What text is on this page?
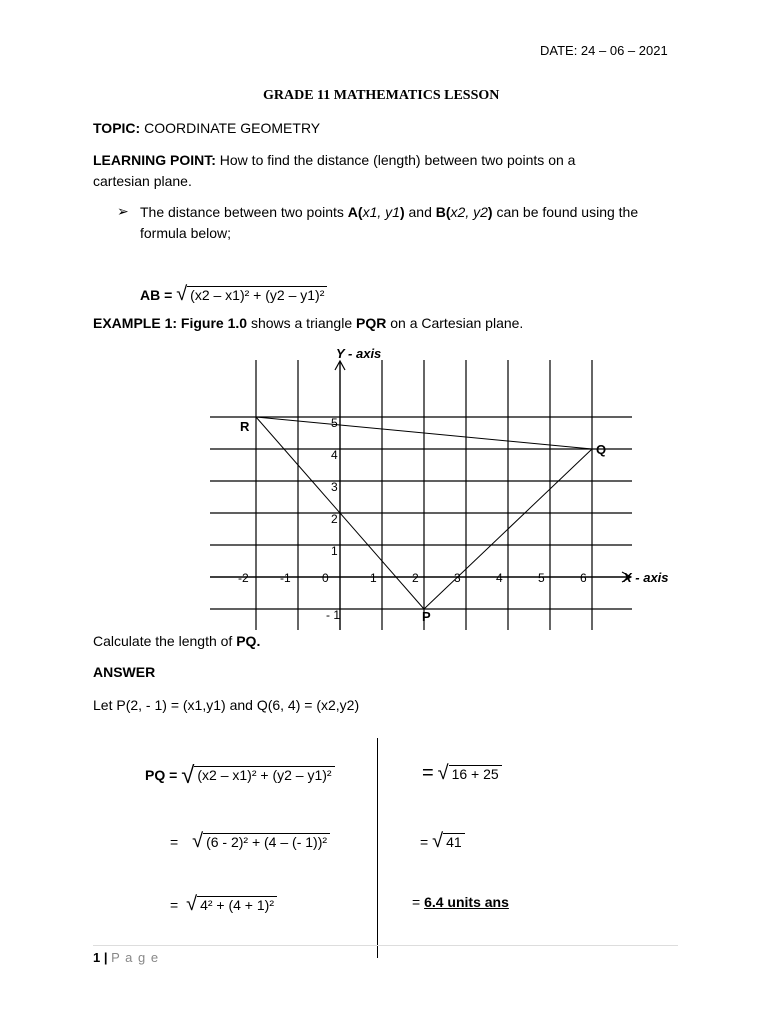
DATE: 24 – 06 – 2021
GRADE 11 MATHEMATICS LESSON
TOPIC: COORDINATE GEOMETRY
LEARNING POINT: How to find the distance (length) between two points on a
cartesian plane.
➢ The distance between two points A(x1, y1) and B(x2, y2) can be found using the
formula below;
AB = √ (x2 – x1)² + (y2 – y1)²
EXAMPLE 1: Figure 1.0 shows a triangle PQR on a Cartesian plane.
Y - axis
X - axis
-2	-1	0	1	2	3	4	5	6
5
4
3
2
1
- 1
R
Q
P
Calculate the length of PQ.
ANSWER
Let P(2, - 1) = (x1,y1) and Q(6, 4) = (x2,y2)
PQ = √ (x2 – x1)² + (y2 – y1)²
= √ (6 - 2)² + (4 – (- 1))²
= √ 4² + (4 + 1)²
= √ 16 + 25
= √ 41
= 6.4 units ans
1 | P a g e
